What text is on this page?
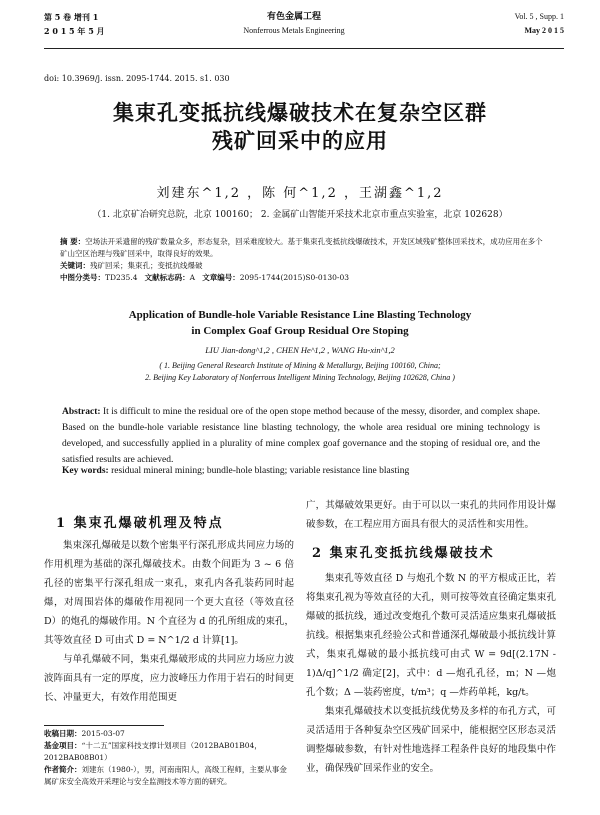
第 5 卷 增刊 1
2 0 1 5 年 5 月
有色金属工程
Nonferrous Metals Engineering
Vol. 5 , Supp. 1
May 2 0 1 5
doi: 10.3969/j. issn. 2095-1744. 2015. s1. 030
集束孔变抵抗线爆破技术在复杂空区群
残矿回采中的应用
刘建东^1,2 ，陈 何^1,2 ，王湖鑫^1,2
（1. 北京矿冶研究总院，北京 100160； 2. 金属矿山智能开采技术北京市重点实验室，北京 102628）
摘 要：空场法开采遗留的残矿数量众多，形态复杂，回采难度较大。基于集束孔变抵抗线爆破技术，开发区域残矿整体回采技术，成功应用在多个矿山空区治理与残矿回采中，取得良好的效果。
关键词：残矿回采；集束孔；变抵抗线爆破
中图分类号：TD235.4 文献标志码：A 文章编号：2095-1744(2015)S0-0130-03
Application of Bundle-hole Variable Resistance Line Blasting Technology
in Complex Goaf Group Residual Ore Stoping
LIU Jian-dong^1,2 , CHEN He^1,2 , WANG Hu-xin^1,2
( 1. Beijing General Research Institute of Mining & Metallurgy, Beijing 100160, China;
2. Beijing Key Laboratory of Nonferrous Intelligent Mining Technology, Beijing 102628, China )
Abstract: It is difficult to mine the residual ore of the open stope method because of the messy, disorder, and complex shape. Based on the bundle-hole variable resistance line blasting technology, the whole area residual ore mining technology is developed, and successfully applied in a plurality of mine complex goaf governance and the stoping of residual ore, and the satisfied results are achieved.
Key words: residual mineral mining; bundle-hole blasting; variable resistance line blasting
1 集束孔爆破机理及特点

集束深孔爆破是以数个密集平行深孔形成共同应力场的作用机理为基础的深孔爆破技术。由数个间距为 3 ~ 6 倍孔径的密集平行深孔组成一束孔，束孔内各孔装药同时起爆，对周围岩体的爆破作用视同一个更大直径（等效直径 D）的炮孔的爆破作用。N 个直径为 d 的孔所组成的束孔，其等效直径 D 可由式 D = N^1/2 d 计算[1]。

与单孔爆破不同，集束孔爆破形成的共同应力场应力波波阵面具有一定的厚度，应力波峰压力作用于岩石的时间更长、冲量更大，有效作用范围更

广，其爆破效果更好。由于可以以一束孔的共同作用设计爆破参数，在工程应用方面具有很大的灵活性和实用性。

2 集束孔变抵抗线爆破技术

集束孔等效直径 D 与炮孔个数 N 的平方根成正比，若将集束孔视为等效直径的大孔，则可按等效直径确定集束孔爆破的抵抗线，通过改变炮孔个数可灵活适应集束孔爆破抵抗线。根据集束孔经验公式和普通深孔爆破最小抵抗线计算式，集束孔爆破的最小抵抗线可由式 W = 9d[(2.17N - 1)Δ/q]^1/2 确定[2]，式中：d —炮孔孔径，m；N —炮孔个数；Δ —装药密度，t/m³；q —炸药单耗，kg/t。

集束孔爆破技术以变抵抗线优势及多样的布孔方式，可灵活适用于各种复杂空区残矿回采中，能根据空区形态灵活调整爆破参数，有针对性地选择工程条件良好的地段集中作业，确保残矿回采作业的安全。

收稿日期：2015-03-07
基金项目：“十二五”国家科技支撑计划项目（2012BAB01B04，2012BAB08B01）
作者简介：刘建东（1980-），男，河南南阳人，高级工程师，主要从事金属矿床安全高效开采理论与安全监测技术等方面的研究。
